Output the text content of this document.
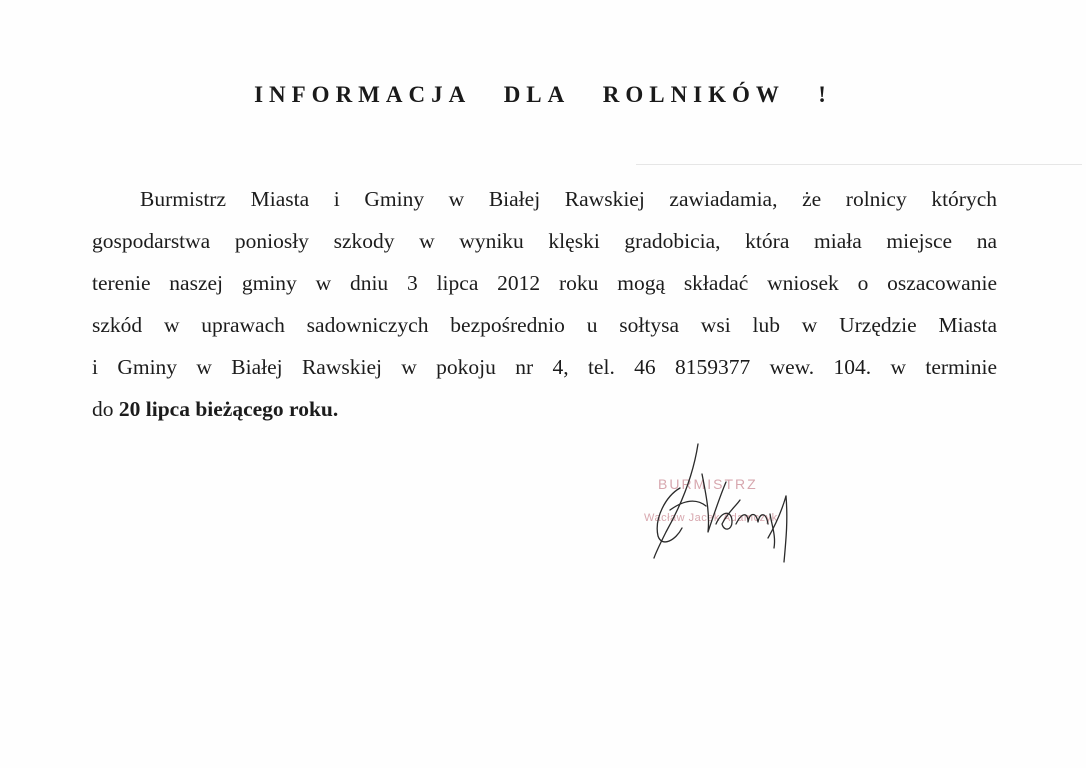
INFORMACJA DLA ROLNIKÓW !
Burmistrz Miasta i Gminy w Białej Rawskiej zawiadamia, że rolnicy których
gospodarstwa poniosły szkody w wyniku klęski gradobicia, która miała miejsce na
terenie naszej gminy w dniu 3 lipca 2012 roku mogą składać wniosek o oszacowanie
szkód w uprawach sadowniczych bezpośrednio u sołtysa wsi lub w Urzędzie Miasta
i Gminy w Białej Rawskiej w pokoju nr 4, tel. 46 8159377 wew. 104. w terminie
do 20 lipca bieżącego roku.
BURMISTRZ
Wacław Jacek Adamczyk
